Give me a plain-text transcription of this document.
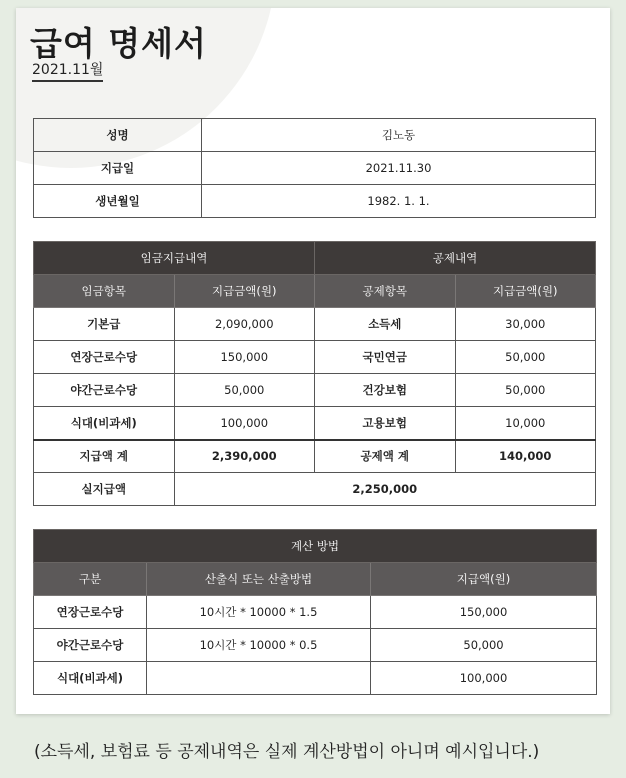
급여 명세서
2021.11월
성명	김노동
지급일	2021.11.30
생년월일	1982. 1. 1.
임금지급내역		공제내역	
임금항목	지급금액(원)	공제항목	지급금액(원)
기본급	2,090,000	소득세	30,000
연장근로수당	150,000	국민연금	50,000
야간근로수당	50,000	건강보험	50,000
식대(비과세)	100,000	고용보험	10,000
지급액 계	2,390,000	공제액 계	140,000
실지급액	2,250,000		
계산 방법		
구분	산출식 또는 산출방법	지급액(원)
연장근로수당	10시간 * 10000 * 1.5	150,000
야간근로수당	10시간 * 10000 * 0.5	50,000
식대(비과세)		100,000
(소득세, 보험료 등 공제내역은 실제 계산방법이 아니며 예시입니다.)
